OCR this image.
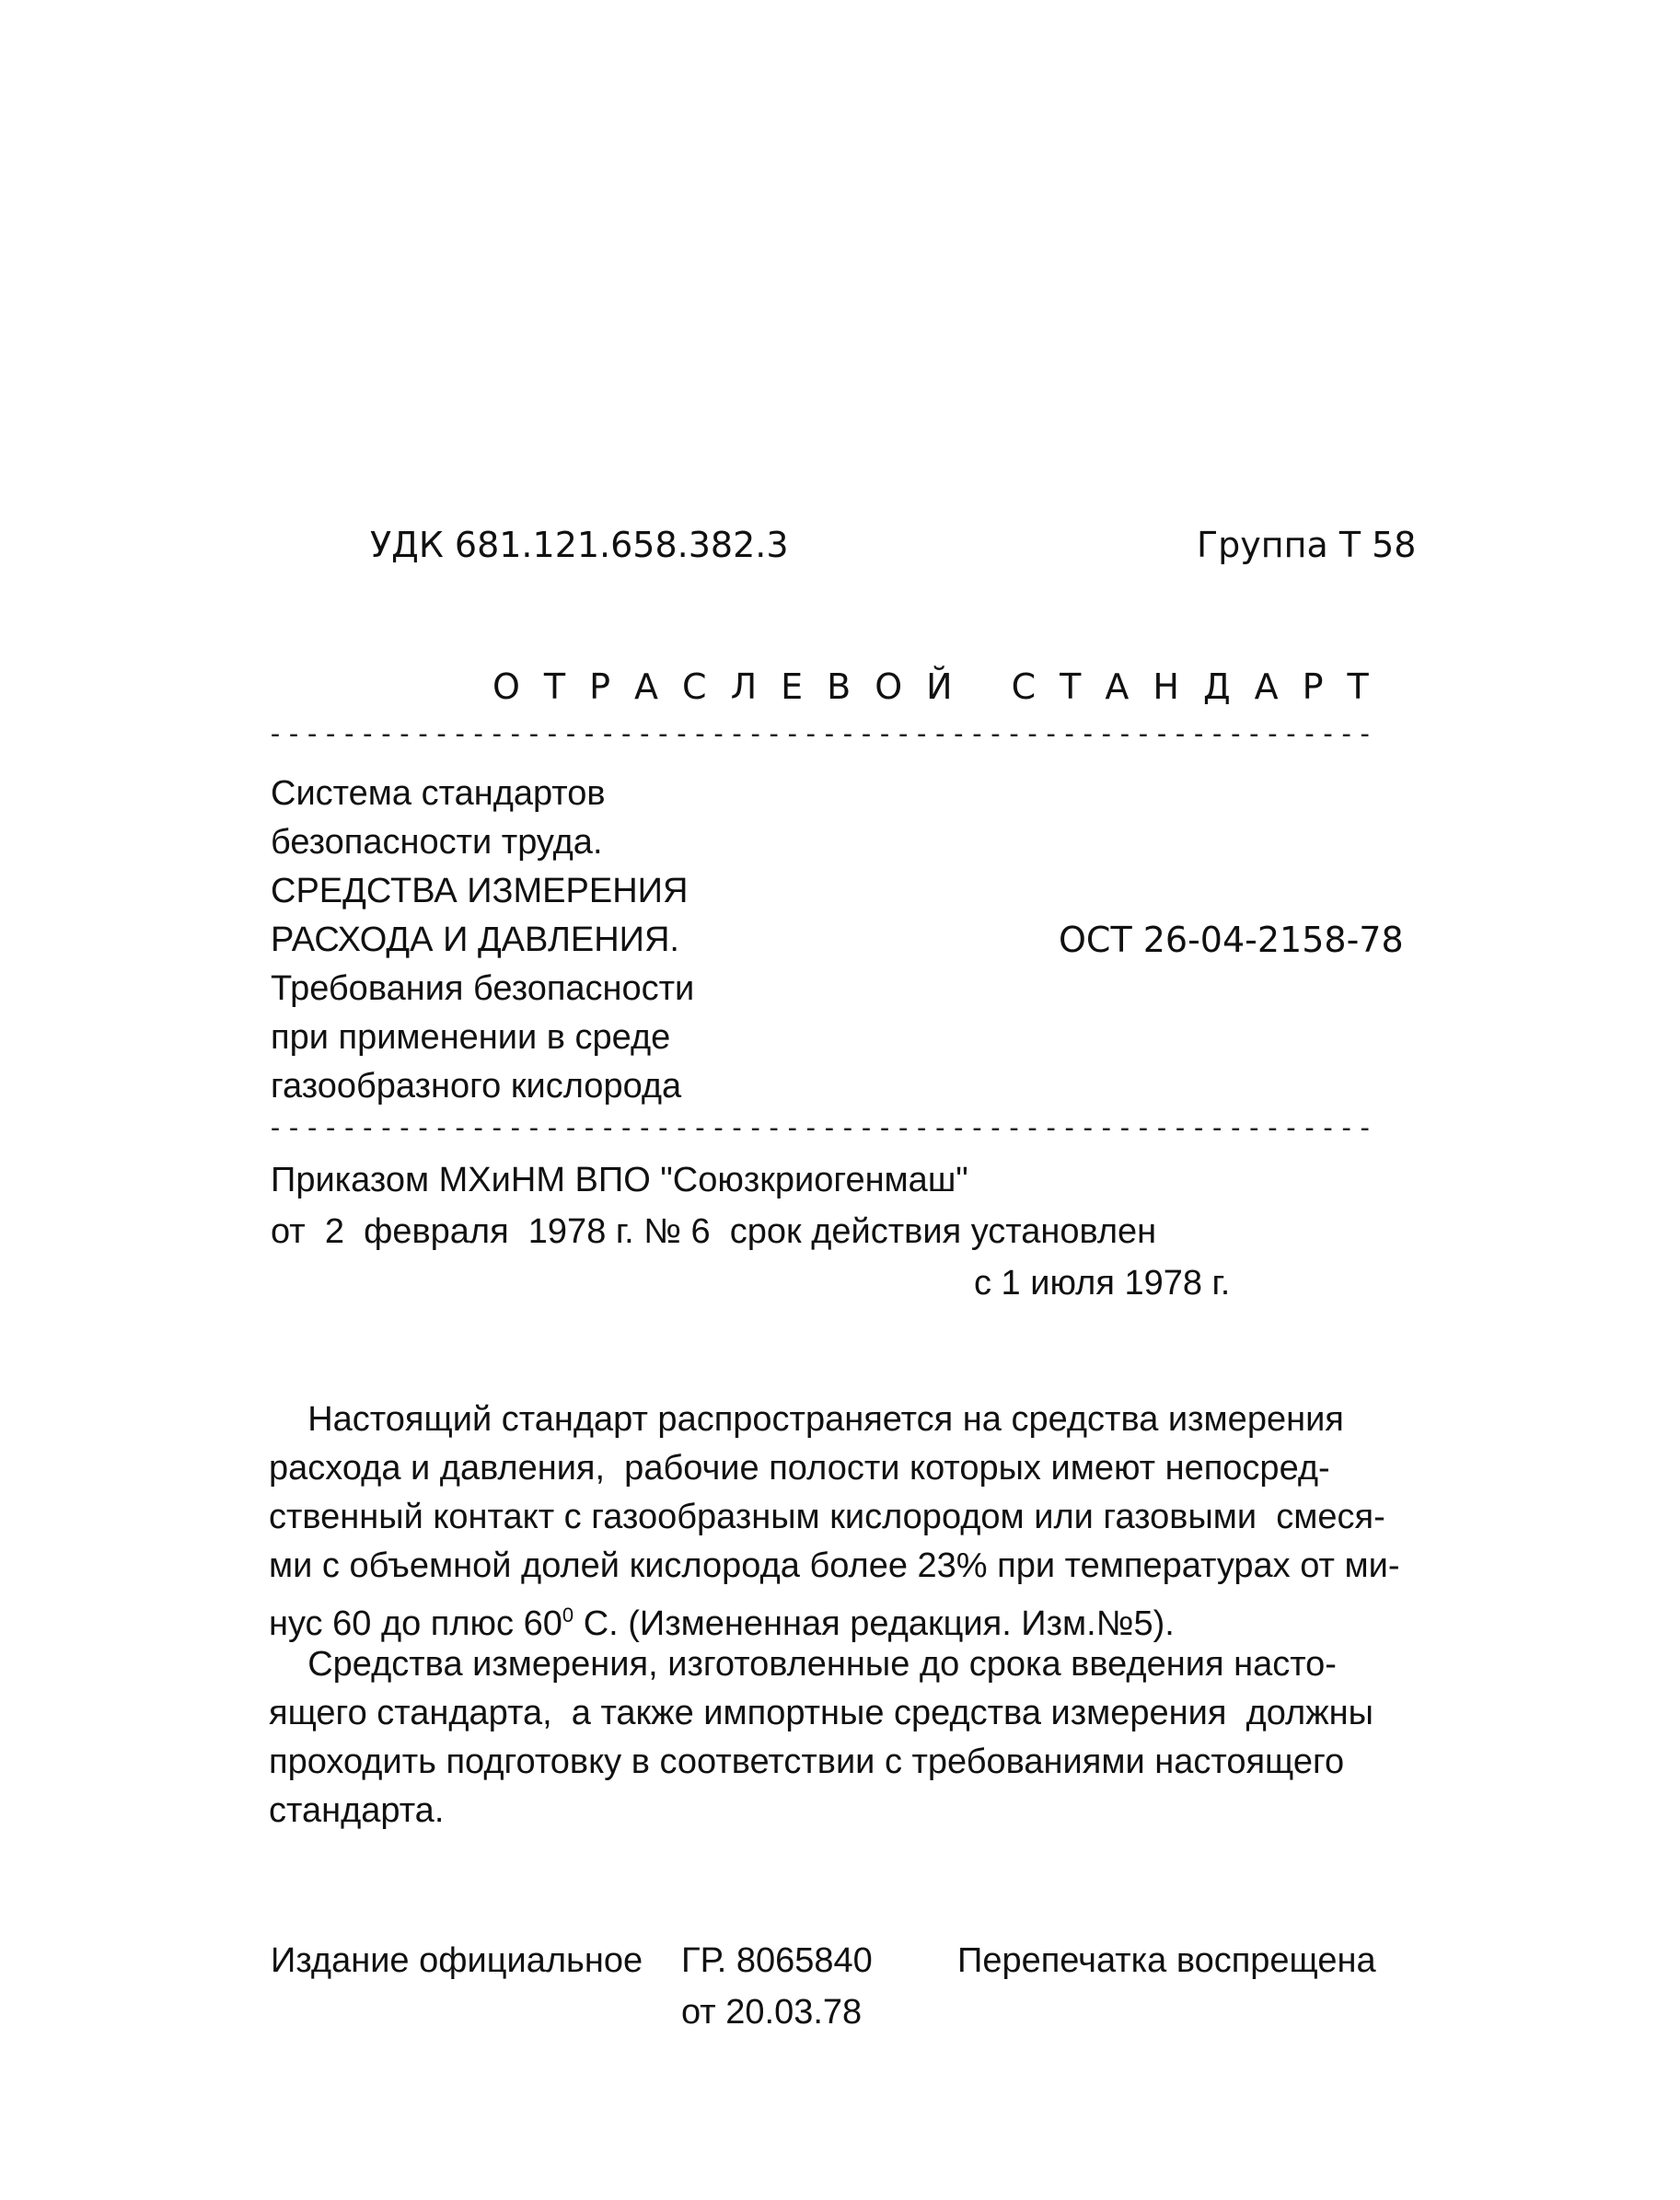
УДК 681.121.658.382.3	Группа Т 58
ОТРАСЛЕВОЙ СТАНДАРТ
------------------------------------------------------------
Система стандартов
безопасности труда.
СРЕДСТВА ИЗМЕРЕНИЯ
РАСХОДА И ДАВЛЕНИЯ.
Требования безопасности
при применении в среде
газообразного кислорода
ОСТ 26-04-2158-78
------------------------------------------------------------
Приказом МХиНМ ВПО "Союзкриогенмаш"
от  2  февраля  1978 г. № 6  срок действия установлен
с 1 июля 1978 г.

Настоящий стандарт распространяется на средства измерения

расхода и давления,  рабочие полости которых имеют непосред-

ственный контакт с газообразным кислородом или газовыми  смеся-

ми с объемной долей кислорода более 23% при температурах от ми-

нус 60 до плюс $60^0$ С. (Измененная редакция. Изм.№5).

Средства измерения, изготовленные до срока введения насто-

ящего стандарта,  а также импортные средства измерения  должны

проходить подготовку в соответствии с требованиями настоящего

стандарта.

Издание официальное ГР. 8065840
от 20.03.78
Перепечатка воспрещена
